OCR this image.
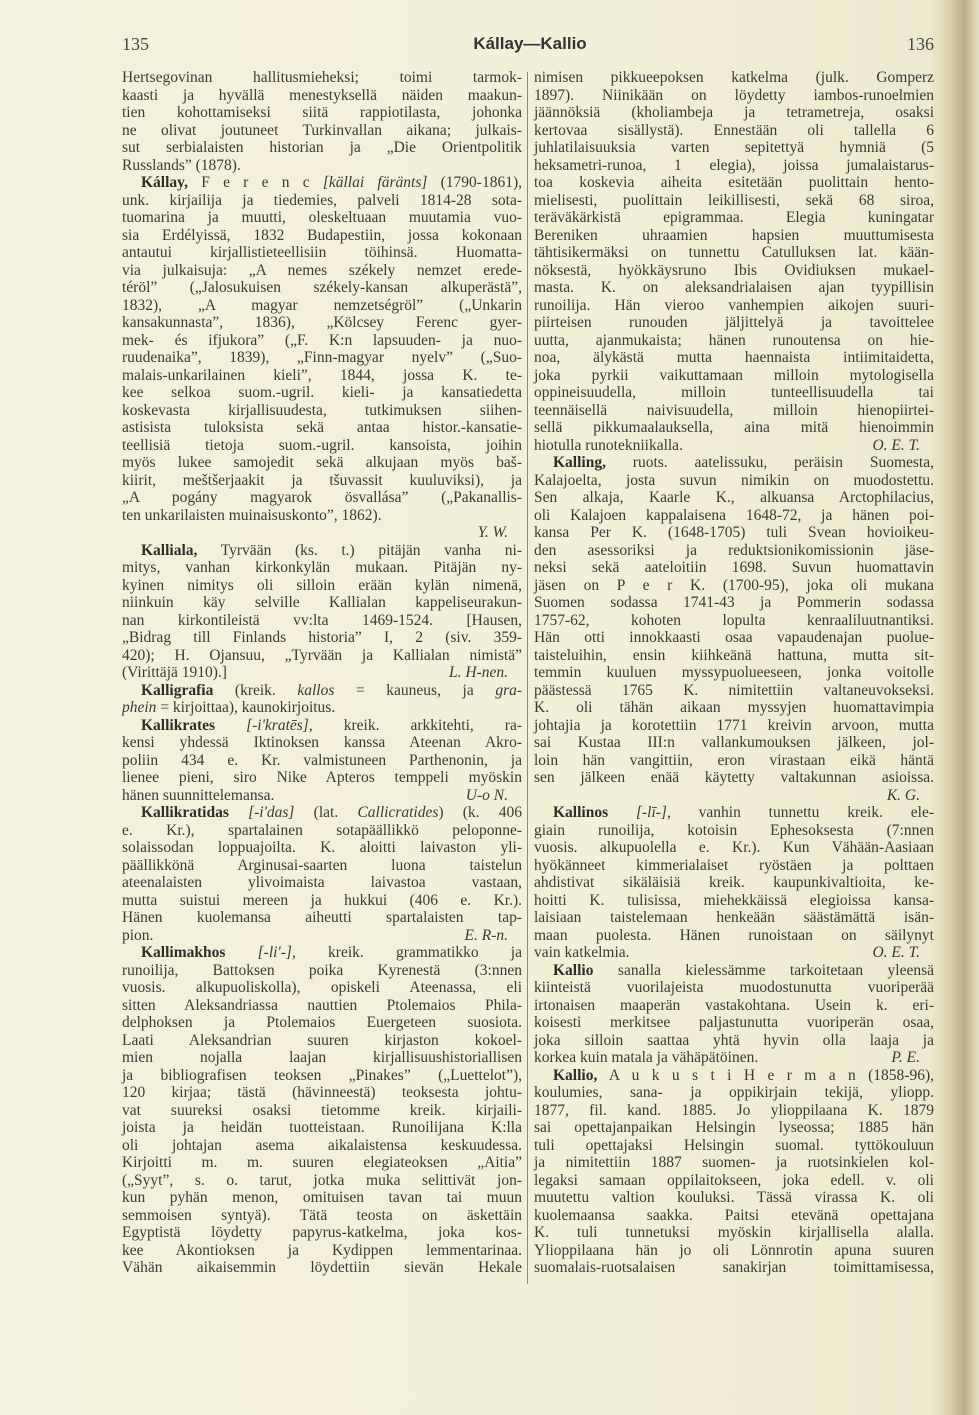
135	Kállay—Kallio	136
Hertsegovinan hallitusmieheksi; toimi tarmok-
kaasti ja hyvällä menestyksellä näiden maakun-
tien kohottamiseksi siitä rappiotilasta, johonka
ne olivat joutuneet Turkinvallan aikana; julkais-
sut serbialaisten historian ja „Die Orientpolitik
Russlands” (1878).
Kállay, F e r e n c [källai färänts] (1790-1861),
unk. kirjailija ja tiedemies, palveli 1814-28 sota-
tuomarina ja muutti, oleskeltuaan muutamia vuo-
sia Erdélyissä, 1832 Budapestiin, jossa kokonaan
antautui kirjallistieteellisiin töihinsä. Huomatta-
via julkaisuja: „A nemes székely nemzet erede-
téröl” („Jalosukuisen székely-kansan alkuperästä”,
1832), „A magyar nemzetségröl” („Unkarin
kansakunnasta”, 1836), „Kölcsey Ferenc gyer-
mek- és ifjukora” („F. K:n lapsuuden- ja nuo-
ruudenaika”, 1839), „Finn-magyar nyelv” („Suo-
malais-unkarilainen kieli”, 1844, jossa K. te-
kee selkoa suom.-ugril. kieli- ja kansatiedetta
koskevasta kirjallisuudesta, tutkimuksen siihen-
astisista tuloksista sekä antaa histor.-kansatie-
teellisiä tietoja suom.-ugril. kansoista, joihin
myös lukee samojedit sekä alkujaan myös baš-
kiirit, meštšerjaakit ja tšuvassit kuuluviksi), ja
„A pogány magyarok ösvallása” („Pakanallis-
ten unkarilaisten muinaisuskonto”, 1862).
Y. W.
Kalliala, Tyrvään (ks. t.) pitäjän vanha ni-
mitys, vanhan kirkonkylän mukaan. Pitäjän ny-
kyinen nimitys oli silloin erään kylän nimenä,
niinkuin käy selville Kallialan kappeliseurakun-
nan kirkontileistä vv:lta 1469-1524. [Hausen,
„Bidrag till Finlands historia” I, 2 (siv. 359-
420); H. Ojansuu, „Tyrvään ja Kallialan nimistä”
L. H-nen.
(Virittäjä 1910).]
Kalligrafia (kreik. kallos = kauneus, ja gra-
phein = kirjoittaa), kaunokirjoitus.
Kallikrates [-i'kratēs], kreik. arkkitehti, ra-
kensi yhdessä Iktinoksen kanssa Ateenan Akro-
poliin 434 e. Kr. valmistuneen Parthenonin, ja
lienee pieni, siro Nike Apteros temppeli myöskin
U-o N.
hänen suunnittelemansa.
Kallikratidas [-i'das] (lat. Callicratides) (k. 406
e. Kr.), spartalainen sotapäällikkö peloponne-
solaissodan loppuajoilta. K. aloitti laivaston yli-
päällikkönä Arginusai-saarten luona taistelun
ateenalaisten ylivoimaista laivastoa vastaan,
mutta suistui mereen ja hukkui (406 e. Kr.).
Hänen kuolemansa aiheutti spartalaisten tap-
E. R-n.
pion.
Kallimakhos [-li'-], kreik. grammatikko ja
runoilija, Battoksen poika Kyrenestä (3:nnen
vuosis. alkupuoliskolla), opiskeli Ateenassa, eli
sitten Aleksandriassa nauttien Ptolemaios Phila-
delphoksen ja Ptolemaios Euergeteen suosiota.
Laati Aleksandrian suuren kirjaston kokoel-
mien nojalla laajan kirjallisuushistoriallisen
ja bibliografisen teoksen „Pinakes” („Luettelot”),
120 kirjaa; tästä (hävinneestä) teoksesta johtu-
vat suureksi osaksi tietomme kreik. kirjaili-
joista ja heidän tuotteistaan. Runoilijana K:lla
oli johtajan asema aikalaistensa keskuudessa.
Kirjoitti m. m. suuren elegiateoksen „Aitia”
(„Syyt”, s. o. tarut, jotka muka selittivät jon-
kun pyhän menon, omituisen tavan tai muun
semmoisen syntyä). Tätä teosta on äskettäin
Egyptistä löydetty papyrus-katkelma, joka kos-
kee Akontioksen ja Kydippen lemmentarinaa.
Vähän aikaisemmin löydettiin sievän Hekale
nimisen pikkueepoksen katkelma (julk. Gomperz
1897). Niinikään on löydetty iambos-runoelmien
jäännöksiä (kholiambeja ja tetrametreja, osaksi
kertovaa sisällystä). Ennestään oli tallella 6
juhlatilaisuuksia varten sepitettyä hymniä (5
heksametri-runoa, 1 elegia), joissa jumalaistarus-
toa koskevia aiheita esitetään puolittain hento-
mielisesti, puolittain leikillisesti, sekä 68 siroa,
teräväkärkistä epigrammaa. Elegia kuningatar
Bereniken uhraamien hapsien muuttumisesta
tähtisikermäksi on tunnettu Catulluksen lat. kään-
nöksestä, hyökkäysruno Ibis Ovidiuksen mukael-
masta. K. on aleksandrialaisen ajan tyypillisin
runoilija. Hän vieroo vanhempien aikojen suuri-
piirteisen runouden jäljittelyä ja tavoittelee
uutta, ajanmukaista; hänen runoutensa on hie-
noa, älykästä mutta haennaista intiimitaidetta,
joka pyrkii vaikuttamaan milloin mytologisella
oppineisuudella, milloin tunteellisuudella tai
teennäisellä naivisuudella, milloin hienopiirtei-
sellä pikkumaalauksella, aina mitä hienoimmin
O. E. T.
hiotulla runotekniikalla.
Kalling, ruots. aatelissuku, peräisin Suomesta,
Kalajoelta, josta suvun nimikin on muodostettu.
Sen alkaja, Kaarle K., alkuansa Arctophilacius,
oli Kalajoen kappalaisena 1648-72, ja hänen poi-
kansa Per K. (1648-1705) tuli Svean hovioikeu-
den asessoriksi ja reduktsionikomissionin jäse-
neksi sekä aateloitiin 1698. Suvun huomattavin
jäsen on P e r K. (1700-95), joka oli mukana
Suomen sodassa 1741-43 ja Pommerin sodassa
1757-62, kohoten lopulta kenraaliluutnantiksi.
Hän otti innokkaasti osaa vapaudenajan puolue-
taisteluihin, ensin kiihkeänä hattuna, mutta sit-
temmin kuuluen myssypuolueeseen, jonka voitolle
päästessä 1765 K. nimitettiin valtaneuvokseksi.
K. oli tähän aikaan myssyjen huomattavimpia
johtajia ja korotettiin 1771 kreivin arvoon, mutta
sai Kustaa III:n vallankumouksen jälkeen, jol-
loin hän vangittiin, eron virastaan eikä häntä
sen jälkeen enää käytetty valtakunnan asioissa.
K. G.
Kallinos [-lī-], vanhin tunnettu kreik. ele-
giain runoilija, kotoisin Ephesoksesta (7:nnen
vuosis. alkupuolella e. Kr.). Kun Vähään-Aasiaan
hyökänneet kimmerialaiset ryöstäen ja polttaen
ahdistivat sikäläisiä kreik. kaupunkivaltioita, ke-
hoitti K. tulisissa, miehekkäissä elegioissa kansa-
laisiaan taistelemaan henkeään säästämättä isän-
maan puolesta. Hänen runoistaan on säilynyt
O. E. T.
vain katkelmia.
Kallio sanalla kielessämme tarkoitetaan yleensä
kiinteistä vuorilajeista muodostunutta vuoriperää
irtonaisen maaperän vastakohtana. Usein k. eri-
koisesti merkitsee paljastunutta vuoriperän osaa,
joka silloin saattaa yhtä hyvin olla laaja ja
P. E.
korkea kuin matala ja vähäpätöinen.
Kallio, A u k u s t i H e r m a n (1858-96),
koulumies, sana- ja oppikirjain tekijä, yliopp.
1877, fil. kand. 1885. Jo ylioppilaana K. 1879
sai opettajanpaikan Helsingin lyseossa; 1885 hän
tuli opettajaksi Helsingin suomal. tyttökouluun
ja nimitettiin 1887 suomen- ja ruotsinkielen kol-
legaksi samaan oppilaitokseen, joka edell. v. oli
muutettu valtion kouluksi. Tässä virassa K. oli
kuolemaansa saakka. Paitsi etevänä opettajana
K. tuli tunnetuksi myöskin kirjallisella alalla.
Ylioppilaana hän jo oli Lönnrotin apuna suuren
suomalais-ruotsalaisen sanakirjan toimittamisessa,
